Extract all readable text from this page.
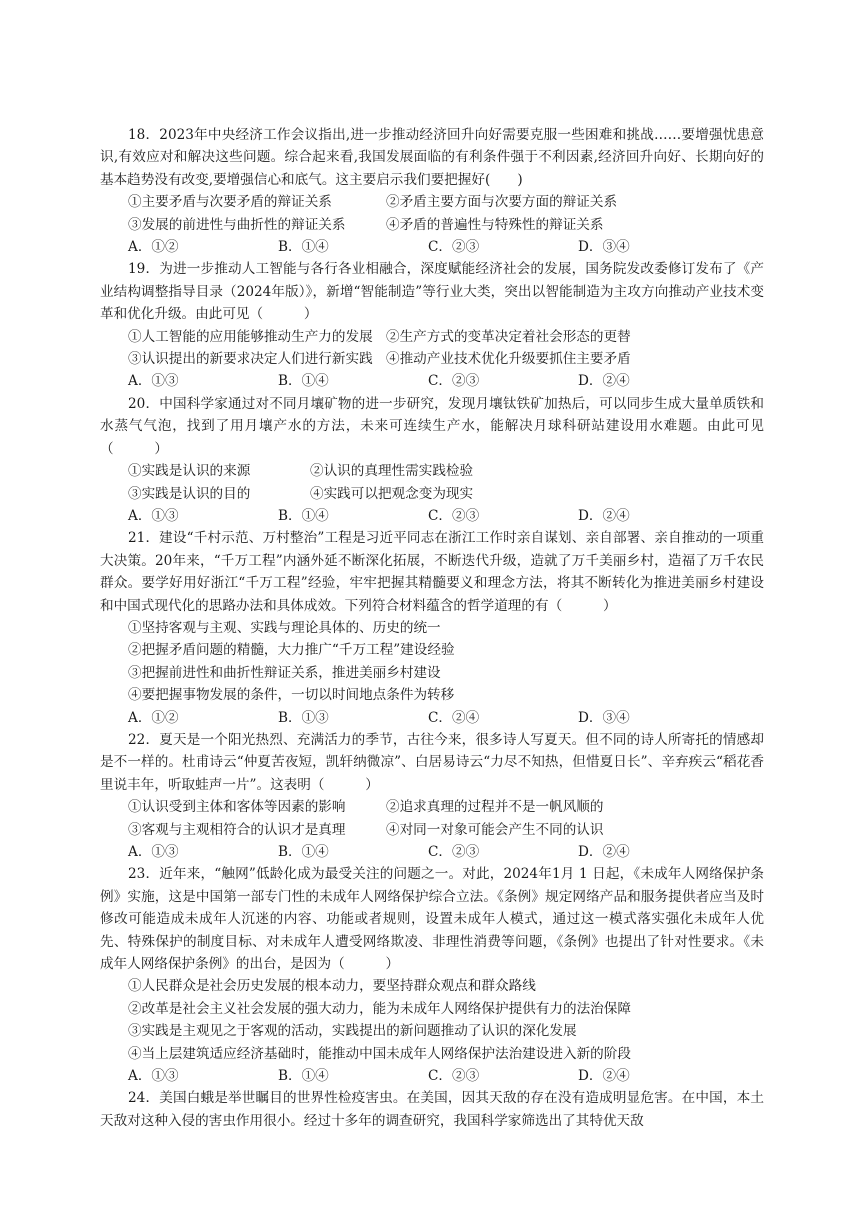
18．2023年中央经济工作会议指出,进一步推动经济回升向好需要克服一些困难和挑战……要增强忧患意识,有效应对和解决这些问题。综合起来看,我国发展面临的有利条件强于不利因素,经济回升向好、长期向好的基本趋势没有改变,要增强信心和底气。这主要启示我们要把握好(　　)

①主要矛盾与次要矛盾的辩证关系	②矛盾主要方面与次要方面的辩证关系
③发展的前进性与曲折性的辩证关系	④矛盾的普遍性与特殊性的辩证关系
A．①②	B．①④	C．②③	D．③④

19．为进一步推动人工智能与各行各业相融合，深度赋能经济社会的发展，国务院发改委修订发布了《产业结构调整指导目录（2024年版）》，新增“智能制造”等行业大类，突出以智能制造为主攻方向推动产业技术变革和优化升级。由此可见（　　　）

①人工智能的应用能够推动生产力的发展 ②生产方式的变革决定着社会形态的更替
③认识提出的新要求决定人们进行新实践 ④推动产业技术优化升级要抓住主要矛盾
A．①③	B．①④	C．②③	D．②④

20．中国科学家通过对不同月壤矿物的进一步研究，发现月壤钛铁矿加热后，可以同步生成大量单质铁和水蒸气气泡，找到了用月壤产水的方法，未来可连续生产水，能解决月球科研站建设用水难题。由此可见（　　　）

①实践是认识的来源	②认识的真理性需实践检验
③实践是认识的目的	④实践可以把观念变为现实
A．①③	B．①④	C．②③	D．②④

21．建设“千村示范、万村整治”工程是习近平同志在浙江工作时亲自谋划、亲自部署、亲自推动的一项重大决策。20年来，“千万工程”内涵外延不断深化拓展，不断迭代升级，造就了万千美丽乡村，造福了万千农民群众。要学好用好浙江“千万工程”经验，牢牢把握其精髓要义和理念方法，将其不断转化为推进美丽乡村建设和中国式现代化的思路办法和具体成效。下列符合材料蕴含的哲学道理的有（　　　）

①坚持客观与主观、实践与理论具体的、历史的统一

②把握矛盾问题的精髓，大力推广“千万工程”建设经验

③把握前进性和曲折性辩证关系，推进美丽乡村建设

④要把握事物发展的条件，一切以时间地点条件为转移

A．①②	B．①③	C．②④	D．③④

22．夏天是一个阳光热烈、充满活力的季节，古往今来，很多诗人写夏天。但不同的诗人所寄托的情感却是不一样的。杜甫诗云“仲夏苦夜短，凯轩纳微凉”、白居易诗云“力尽不知热，但惜夏日长”、辛弃疾云“稻花香里说丰年，听取蛙声一片”。这表明（　　　）

①认识受到主体和客体等因素的影响	②追求真理的过程并不是一帆风顺的
③客观与主观相符合的认识才是真理	④对同一对象可能会产生不同的认识
A．①③	B．①④	C．②③	D．②④

23．近年来，“触网”低龄化成为最受关注的问题之一。对此，2024年1月 1 日起，《未成年人网络保护条例》实施，这是中国第一部专门性的未成年人网络保护综合立法。《条例》规定网络产品和服务提供者应当及时修改可能造成未成年人沉迷的内容、功能或者规则，设置未成年人模式，通过这一模式落实强化未成年人优先、特殊保护的制度目标、对未成年人遭受网络欺凌、非理性消费等问题，《条例》也提出了针对性要求。《未成年人网络保护条例》的出台，是因为（　　　）

①人民群众是社会历史发展的根本动力，要坚持群众观点和群众路线

②改革是社会主义社会发展的强大动力，能为未成年人网络保护提供有力的法治保障

③实践是主观见之于客观的活动，实践提出的新问题推动了认识的深化发展

④当上层建筑适应经济基础时，能推动中国未成年人网络保护法治建设进入新的阶段

A．①③	B．①④	C．②③	D．②④

24．美国白蛾是举世瞩目的世界性检疫害虫。在美国，因其天敌的存在没有造成明显危害。在中国，本土天敌对这种入侵的害虫作用很小。经过十多年的调查研究，我国科学家筛选出了其特优天敌
